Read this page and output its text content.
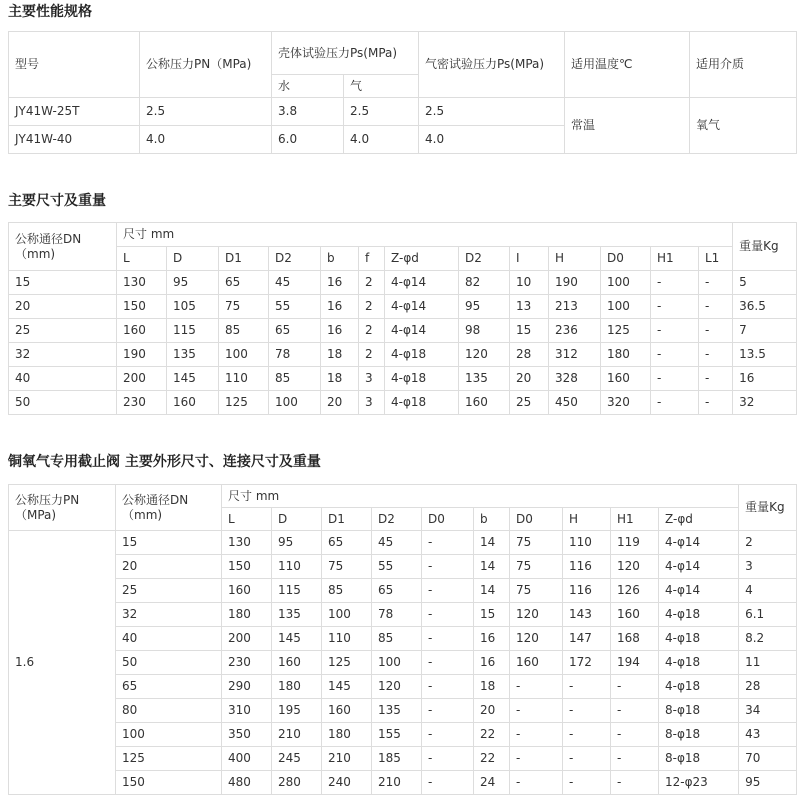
主要性能规格
型号	公称压力PN（MPa)	壳体试验压力Ps(MPa)		气密试验压力Ps(MPa)	适用温度℃	适用介质
		水	气			
JY41W-25T	2.5	3.8	2.5	2.5	常温	氧气
JY41W-40	4.0	6.0	4.0	4.0		
主要尺寸及重量
公称通径DN（mm)	尺寸 mm													重量Kg
	L	D	D1	D2	b	f	Z-φd	D2	I	H	D0	H1	L1	
15	130	95	65	45	16	2	4-φ14	82	10	190	100	-	-	5
20	150	105	75	55	16	2	4-φ14	95	13	213	100	-	-	36.5
25	160	115	85	65	16	2	4-φ14	98	15	236	125	-	-	7
32	190	135	100	78	18	2	4-φ18	120	28	312	180	-	-	13.5
40	200	145	110	85	18	3	4-φ18	135	20	328	160	-	-	16
50	230	160	125	100	20	3	4-φ18	160	25	450	320	-	-	32
铜氧气专用截止阀 主要外形尺寸、连接尺寸及重量
公称压力PN（MPa)	公称通径DN（mm)	尺寸 mm										重量Kg
		L	D	D1	D2	D0	b	D0	H	H1	Z-φd	
1.6	15	130	95	65	45	-	14	75	110	119	4-φ14	2
	20	150	110	75	55	-	14	75	116	120	4-φ14	3
	25	160	115	85	65	-	14	75	116	126	4-φ14	4
	32	180	135	100	78	-	15	120	143	160	4-φ18	6.1
	40	200	145	110	85	-	16	120	147	168	4-φ18	8.2
	50	230	160	125	100	-	16	160	172	194	4-φ18	11
	65	290	180	145	120	-	18	-	-	-	4-φ18	28
	80	310	195	160	135	-	20	-	-	-	8-φ18	34
	100	350	210	180	155	-	22	-	-	-	8-φ18	43
	125	400	245	210	185	-	22	-	-	-	8-φ18	70
	150	480	280	240	210	-	24	-	-	-	12-φ23	95
